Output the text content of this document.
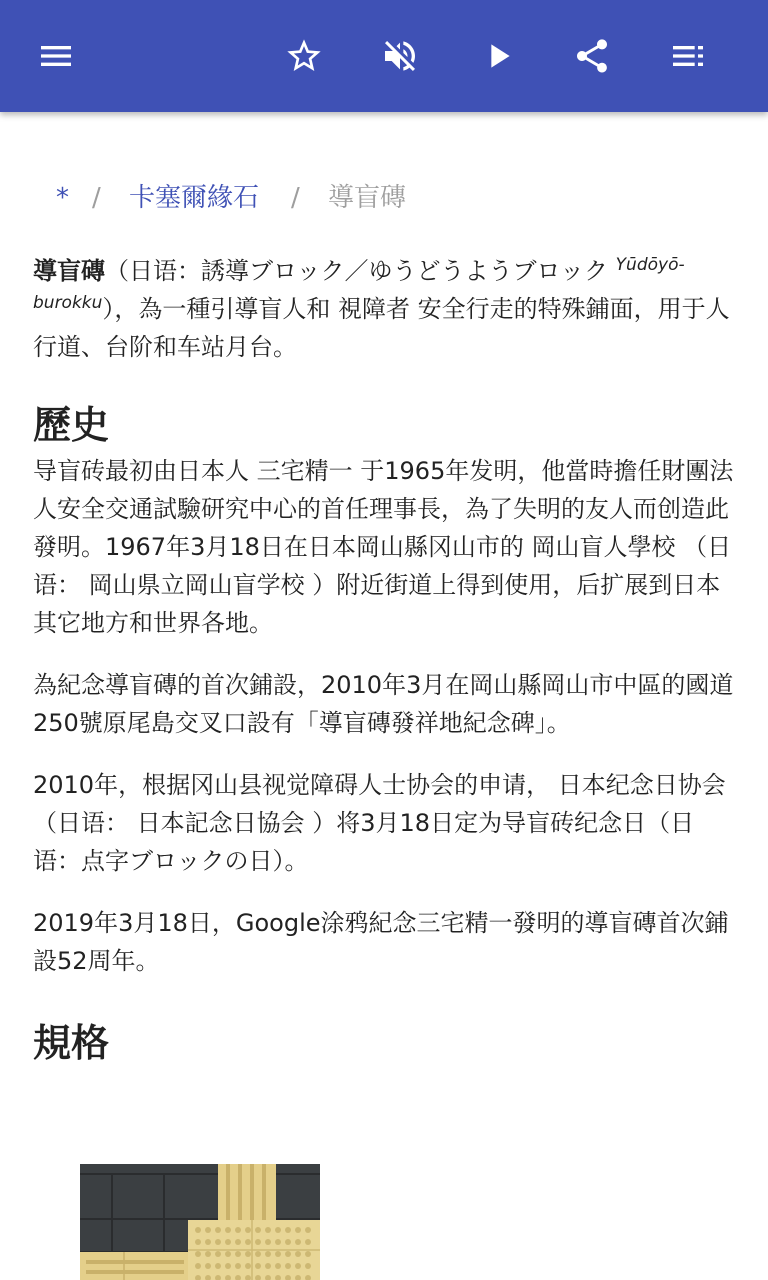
* / 卡塞爾緣石 / 導盲磚

導盲磚（日语：誘導ブロック／ゆうどうようブロック $^{Yūdōyō-burokku}$），為一種引導盲人和 視障者 安全行走的特殊鋪面，用于人行道、台阶和车站月台。

歷史

导盲砖最初由日本人 三宅精一 于1965年发明，他當時擔任財團法人安全交通試驗研究中心的首任理事長，為了失明的友人而创造此發明。1967年3月18日在日本岡山縣冈山市的 岡山盲人學校 （日语： 岡山県立岡山盲学校 ）附近街道上得到使用，后扩展到日本其它地方和世界各地。

為紀念導盲磚的首次鋪設，2010年3月在岡山縣岡山市中區的國道250號原尾島交叉口設有「導盲磚發祥地紀念碑」。

2010年，根据冈山县视觉障碍人士协会的申请， 日本纪念日协会 （日语： 日本記念日協会 ）将3月18日定为导盲砖纪念日（日语：点字ブロックの日）。

2019年3月18日，Google涂鸦紀念三宅精一發明的導盲磚首次鋪設52周年。

規格
